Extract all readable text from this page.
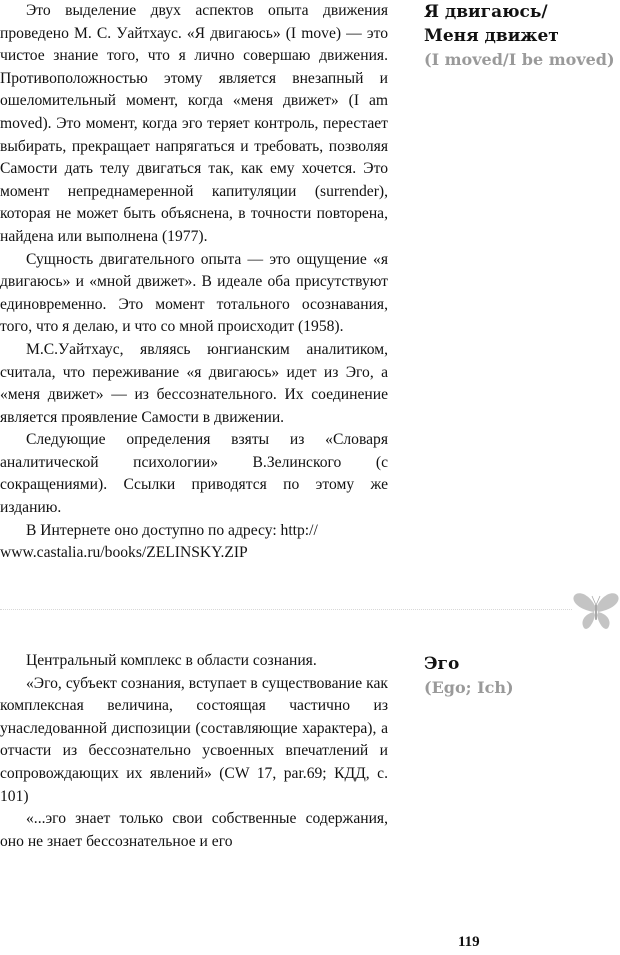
Это выделение двух аспектов опыта движения проведено М. С. Уайтхаус. «Я двигаюсь» (I move) — это чистое знание того, что я лично совершаю движения. Противоположностью этому является внезапный и ошеломительный момент, когда «меня движет» (I am moved). Это момент, когда эго теряет контроль, перестает выбирать, прекращает напрягаться и требовать, позволяя Самости дать телу двигаться так, как ему хочется. Это момент непреднамеренной капитуляции (surrender), которая не может быть объяснена, в точности повторена, найдена или выполнена (1977).

Сущность двигательного опыта — это ощущение «я двигаюсь» и «мной движет». В идеале оба присутствуют единовременно. Это момент тотального осознавания, того, что я делаю, и что со мной происходит (1958).

М.С.Уайтхаус, являясь юнгианским аналитиком, считала, что переживание «я двигаюсь» идет из Эго, а «меня движет» — из бессознательного. Их соединение является проявление Самости в движении.

Следующие определения взяты из «Словаря аналитической психологии» В.Зелинского (с сокращениями). Ссылки приводятся по этому же изданию.

В Интернете оно доступно по адресу: http:// www.castalia.ru/books/ZELINSKY.ZIP

Я двигаюсь/
Меня движет
(I moved/I be moved)

Центральный комплекс в области сознания.

«Эго, субъект сознания, вступает в существование как комплексная величина, состоящая частично из унаследованной диспозиции (составляющие характера), а отчасти из бессознательно усвоенных впечатлений и сопровождающих их явлений» (CW 17, par.69; КДД, с. 101)

«...эго знает только свои собственные содержания, оно не знает бессознательное и его

Эго
(Ego; Ich)
119
